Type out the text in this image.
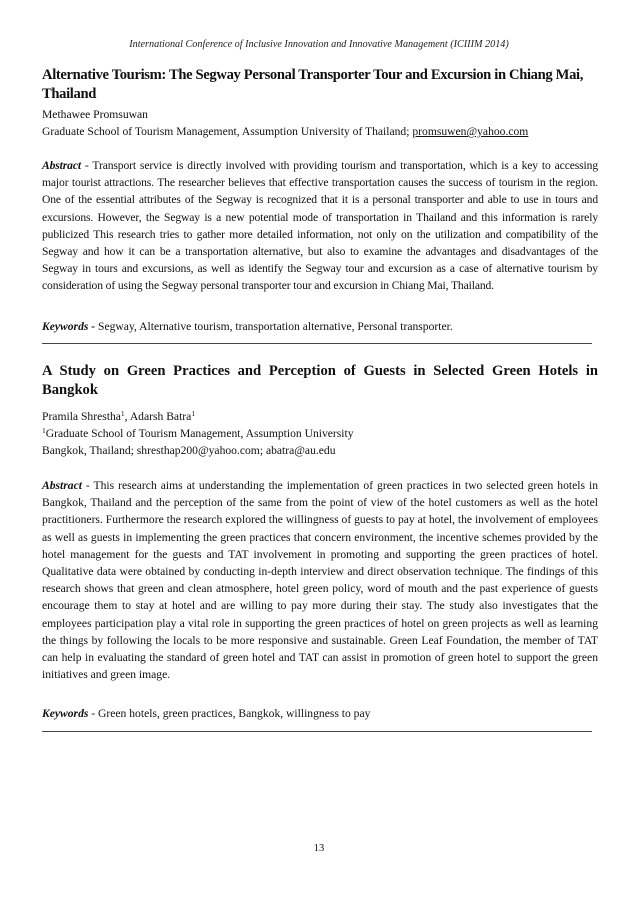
International Conference of Inclusive Innovation and Innovative Management (ICIIIM 2014)
Alternative Tourism: The Segway Personal Transporter Tour and Excursion in Chiang Mai, Thailand

Methawee Promsuwan

Graduate School of Tourism Management, Assumption University of Thailand; promsuwen@yahoo.com

Abstract - Transport service is directly involved with providing tourism and transportation, which is a key to accessing major tourist attractions. The researcher believes that effective transportation causes the success of tourism in the region. One of the essential attributes of the Segway is recognized that it is a personal transporter and able to use in tours and excursions. However, the Segway is a new potential mode of transportation in Thailand and this information is rarely publicized This research tries to gather more detailed information, not only on the utilization and compatibility of the Segway and how it can be a transportation alternative, but also to examine the advantages and disadvantages of the Segway in tours and excursions, as well as identify the Segway tour and excursion as a case of alternative tourism by consideration of using the Segway personal transporter tour and excursion in Chiang Mai, Thailand.

Keywords - Segway, Alternative tourism, transportation alternative, Personal transporter.

A Study on Green Practices and Perception of Guests in Selected Green Hotels in Bangkok

Pramila Shrestha$^1$, Adarsh Batra$^1$

$^1$Graduate School of Tourism Management, Assumption University

Bangkok, Thailand; shresthap200@yahoo.com; abatra@au.edu

Abstract - This research aims at understanding the implementation of green practices in two selected green hotels in Bangkok, Thailand and the perception of the same from the point of view of the hotel customers as well as the hotel practitioners. Furthermore the research explored the willingness of guests to pay at hotel, the involvement of employees as well as guests in implementing the green practices that concern environment, the incentive schemes provided by the hotel management for the guests and TAT involvement in promoting and supporting the green practices of hotel. Qualitative data were obtained by conducting in-depth interview and direct observation technique. The findings of this research shows that green and clean atmosphere, hotel green policy, word of mouth and the past experience of guests encourage them to stay at hotel and are willing to pay more during their stay. The study also investigates that the employees participation play a vital role in supporting the green practices of hotel on green projects as well as learning the things by following the locals to be more responsive and sustainable. Green Leaf Foundation, the member of TAT can help in evaluating the standard of green hotel and TAT can assist in promotion of green hotel to support the green initiatives and green image.

Keywords - Green hotels, green practices, Bangkok, willingness to pay

13
